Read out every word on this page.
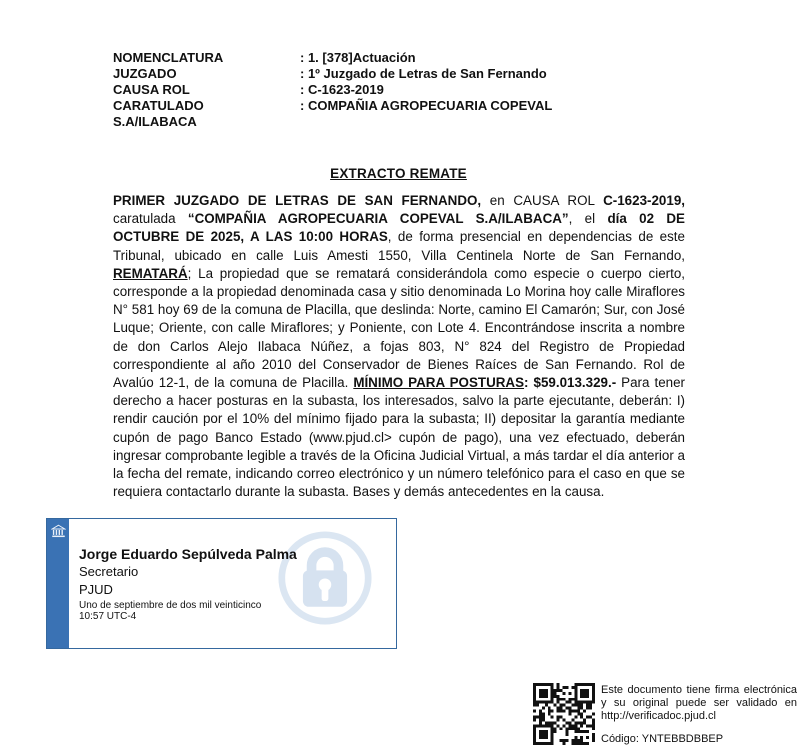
NOMENCLATURA	: 1. [378]Actuación
JUZGADO	: 1º Juzgado de Letras de San Fernando
CAUSA ROL	: C-1623-2019
CARATULADO	: COMPAÑIA AGROPECUARIA COPEVAL
S.A/ILABACA
EXTRACTO REMATE
PRIMER JUZGADO DE LETRAS DE SAN FERNANDO, en CAUSA ROL C-1623-2019, caratulada “COMPAÑIA AGROPECUARIA COPEVAL S.A/ILABACA”, el día 02 DE OCTUBRE DE 2025, A LAS 10:00 HORAS, de forma presencial en dependencias de este Tribunal, ubicado en calle Luis Amesti 1550, Villa Centinela Norte de San Fernando, REMATARÁ; La propiedad que se rematará considerándola como especie o cuerpo cierto, corresponde a la propiedad denominada casa y sitio denominada Lo Morina hoy calle Miraflores N° 581 hoy 69 de la comuna de Placilla, que deslinda: Norte, camino El Camarón; Sur, con José Luque; Oriente, con calle Miraflores; y Poniente, con Lote 4. Encontrándose inscrita a nombre de don Carlos Alejo Ilabaca Núñez, a fojas 803, N° 824 del Registro de Propiedad correspondiente al año 2010 del Conservador de Bienes Raíces de San Fernando. Rol de Avalúo 12-1, de la comuna de Placilla. MÍNIMO PARA POSTURAS: $59.013.329.- Para tener derecho a hacer posturas en la subasta, los interesados, salvo la parte ejecutante, deberán: I) rendir caución por el 10% del mínimo fijado para la subasta; II) depositar la garantía mediante cupón de pago Banco Estado (www.pjud.cl> cupón de pago), una vez efectuado, deberán ingresar comprobante legible a través de la Oficina Judicial Virtual, a más tardar el día anterior a la fecha del remate, indicando correo electrónico y un número telefónico para el caso en que se requiera contactarlo durante la subasta. Bases y demás antecedentes en la causa.
Jorge Eduardo Sepúlveda Palma
Secretario
PJUD
Uno de septiembre de dos mil veinticinco
10:57 UTC-4
Este documento tiene firma electrónica y su original puede ser validado en http://verificadoc.pjud.cl
Código: YNTEBBDBBEP
